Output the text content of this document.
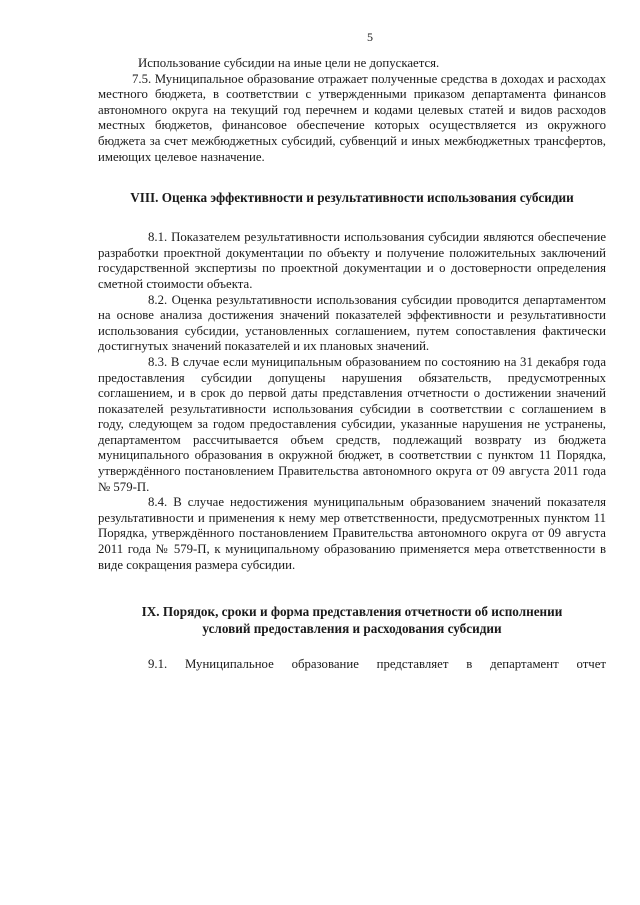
5

Использование субсидии на иные цели не допускается.

7.5. Муниципальное образование отражает полученные средства в доходах и расходах местного бюджета, в соответствии с утвержденными приказом департамента финансов автономного округа на текущий год перечнем и кодами целевых статей и видов расходов местных бюджетов, финансовое обеспечение которых осуществляется из окружного бюджета за счет межбюджетных субсидий, субвенций и иных межбюджетных трансфертов, имеющих целевое назначение.

VIII. Оценка эффективности и результативности использования субсидии

8.1. Показателем результативности использования субсидии являются обеспечение разработки проектной документации по объекту и получение положительных заключений государственной экспертизы по проектной документации и о достоверности определения сметной стоимости объекта.

8.2. Оценка результативности использования субсидии проводится департаментом на основе анализа достижения значений показателей эффективности и результативности использования субсидии, установленных соглашением, путем сопоставления фактически достигнутых значений показателей и их плановых значений.

8.3. В случае если муниципальным образованием по состоянию на 31 декабря года предоставления субсидии допущены нарушения обязательств, предусмотренных соглашением, и в срок до первой даты представления отчетности о достижении значений показателей результативности использования субсидии в соответствии с соглашением в году, следующем за годом предоставления субсидии, указанные нарушения не устранены, департаментом рассчитывается объем средств, подлежащий возврату из бюджета муниципального образования в окружной бюджет, в соответствии с пунктом 11 Порядка, утверждённого постановлением Правительства автономного округа от 09 августа 2011 года № 579-П.

8.4. В случае недостижения муниципальным образованием значений показателя результативности и применения к нему мер ответственности, предусмотренных пунктом 11 Порядка, утверждённого постановлением Правительства автономного округа от 09 августа 2011 года № 579-П, к муниципальному образованию применяется мера ответственности в виде сокращения размера субсидии.

IX. Порядок, сроки и форма представления отчетности об исполнении
условий предоставления и расходования субсидии

9.1. Муниципальное образование представляет в департамент отчет
